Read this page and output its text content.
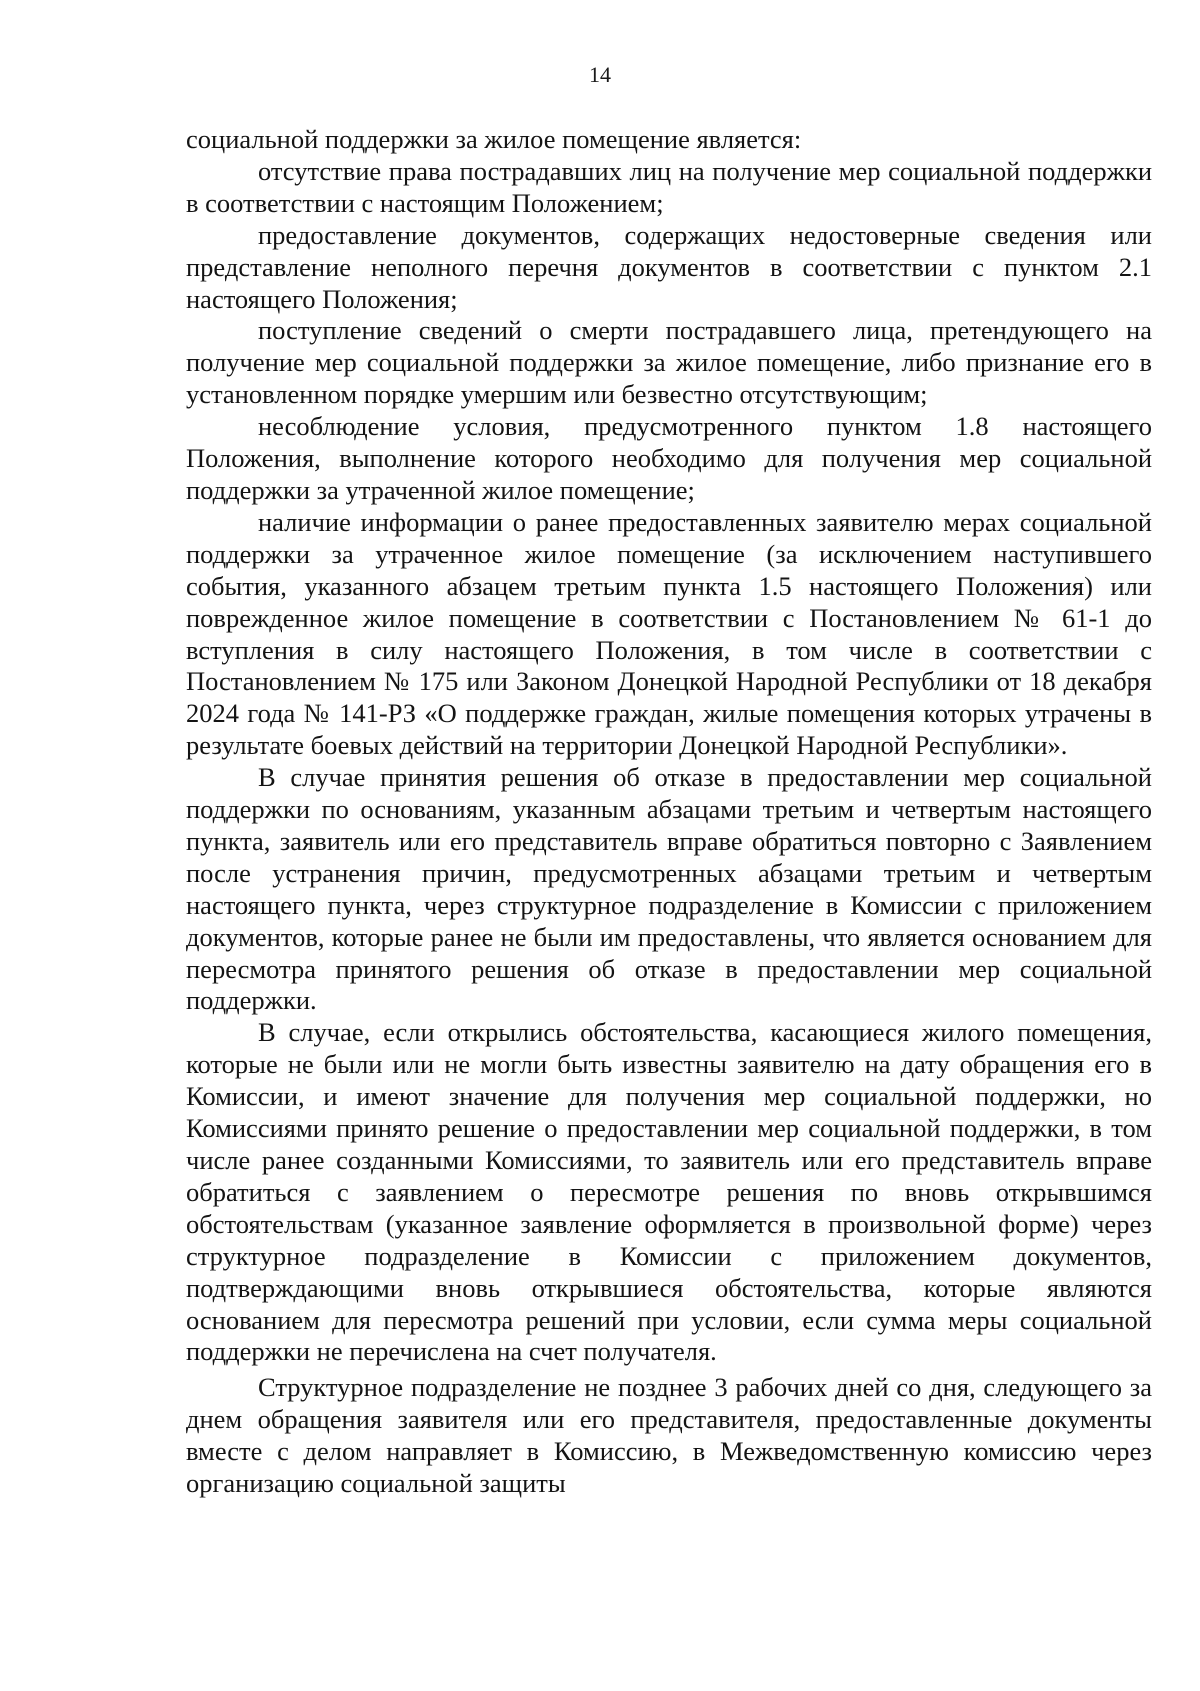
14

социальной поддержки за жилое помещение является:

отсутствие права пострадавших лиц на получение мер социальной поддержки в соответствии с настоящим Положением;

предоставление документов, содержащих недостоверные сведения или представление неполного перечня документов в соответствии с пунктом 2.1 настоящего Положения;

поступление сведений о смерти пострадавшего лица, претендующего на получение мер социальной поддержки за жилое помещение, либо признание его в установленном порядке умершим или безвестно отсутствующим;

несоблюдение условия, предусмотренного пунктом 1.8 настоящего Положения, выполнение которого необходимо для получения мер социальной поддержки за утраченной жилое помещение;

наличие информации о ранее предоставленных заявителю мерах социальной поддержки за утраченное жилое помещение (за исключением наступившего события, указанного абзацем третьим пункта 1.5 настоящего Положения) или поврежденное жилое помещение в соответствии с Постановлением № 61-1 до вступления в силу настоящего Положения, в том числе в соответствии с Постановлением № 175 или Законом Донецкой Народной Республики от 18 декабря 2024 года № 141-РЗ «О поддержке граждан, жилые помещения которых утрачены в результате боевых действий на территории Донецкой Народной Республики».

В случае принятия решения об отказе в предоставлении мер социальной поддержки по основаниям, указанным абзацами третьим и четвертым настоящего пункта, заявитель или его представитель вправе обратиться повторно с Заявлением после устранения причин, предусмотренных абзацами третьим и четвертым настоящего пункта, через структурное подразделение в Комиссии с приложением документов, которые ранее не были им предоставлены, что является основанием для пересмотра принятого решения об отказе в предоставлении мер социальной поддержки.

В случае, если открылись обстоятельства, касающиеся жилого помещения, которые не были или не могли быть известны заявителю на дату обращения его в Комиссии, и имеют значение для получения мер социальной поддержки, но Комиссиями принято решение о предоставлении мер социальной поддержки, в том числе ранее созданными Комиссиями, то заявитель или его представитель вправе обратиться с заявлением о пересмотре решения по вновь открывшимся обстоятельствам (указанное заявление оформляется в произвольной форме) через структурное подразделение в Комиссии с приложением документов, подтверждающими вновь открывшиеся обстоятельства, которые являются основанием для пересмотра решений при условии, если сумма меры социальной поддержки не перечислена на счет получателя.

Структурное подразделение не позднее 3 рабочих дней со дня, следующего за днем обращения заявителя или его представителя, предоставленные документы вместе с делом направляет в Комиссию, в Межведомственную комиссию через организацию социальной защиты
